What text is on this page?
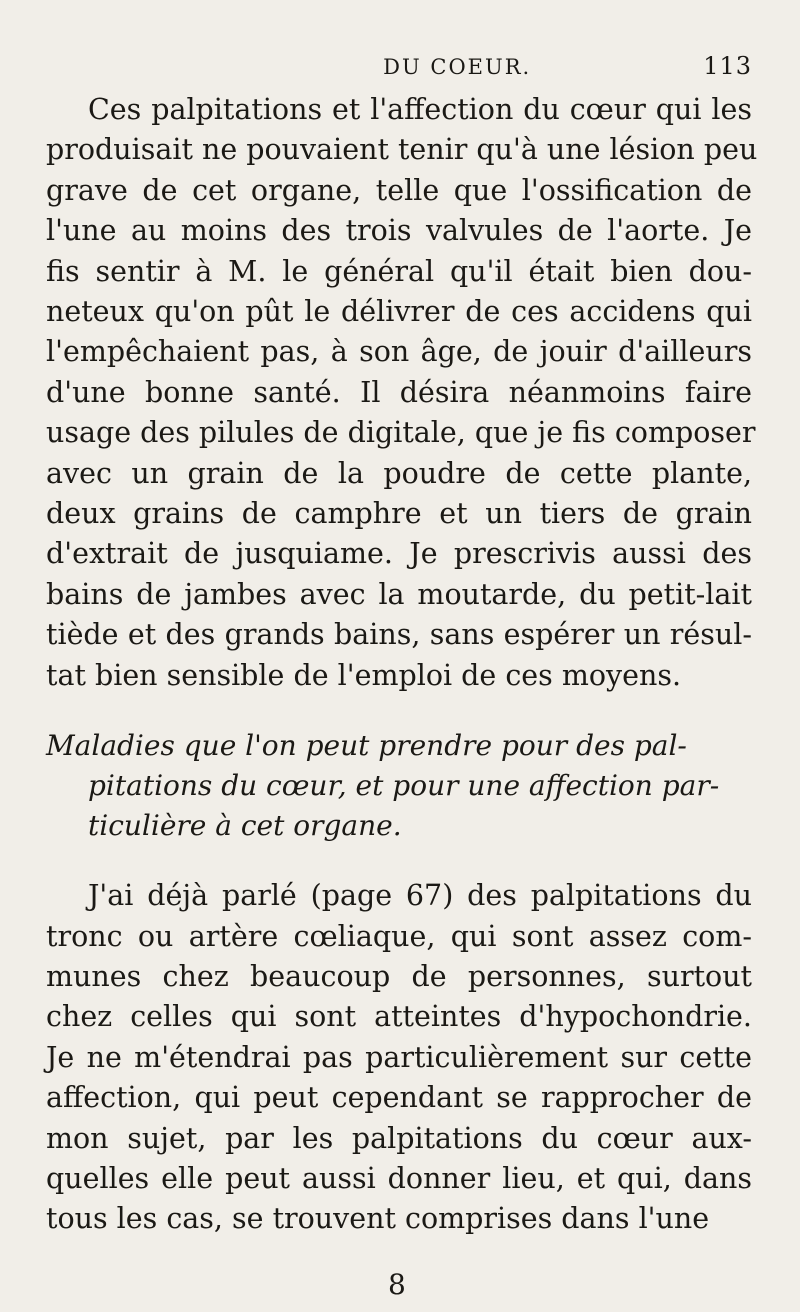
DU COEUR.	113

Ces palpitations et l'affection du cœur qui les
produisait ne pouvaient tenir qu'à une lésion peu
grave de cet organe, telle que l'ossification de
l'une au moins des trois valvules de l'aorte. Je
fis sentir à M. le général qu'il était bien dou-
neteux qu'on pût le délivrer de ces accidens qui
l'empêchaient pas, à son âge, de jouir d'ailleurs
d'une bonne santé. Il désira néanmoins faire
usage des pilules de digitale, que je fis composer
avec un grain de la poudre de cette plante,
deux grains de camphre et un tiers de grain
d'extrait de jusquiame. Je prescrivis aussi des
bains de jambes avec la moutarde, du petit-lait
tiède et des grands bains, sans espérer un résul-
tat bien sensible de l'emploi de ces moyens.

Maladies que l'on peut prendre pour des pal-
pitations du cœur, et pour une affection par-
ticulière à cet organe.

J'ai déjà parlé (page 67) des palpitations du
tronc ou artère cœliaque, qui sont assez com-
munes chez beaucoup de personnes, surtout
chez celles qui sont atteintes d'hypochondrie.
Je ne m'étendrai pas particulièrement sur cette
affection, qui peut cependant se rapprocher de
mon sujet, par les palpitations du cœur aux-
quelles elle peut aussi donner lieu, et qui, dans
tous les cas, se trouvent comprises dans l'une

8
